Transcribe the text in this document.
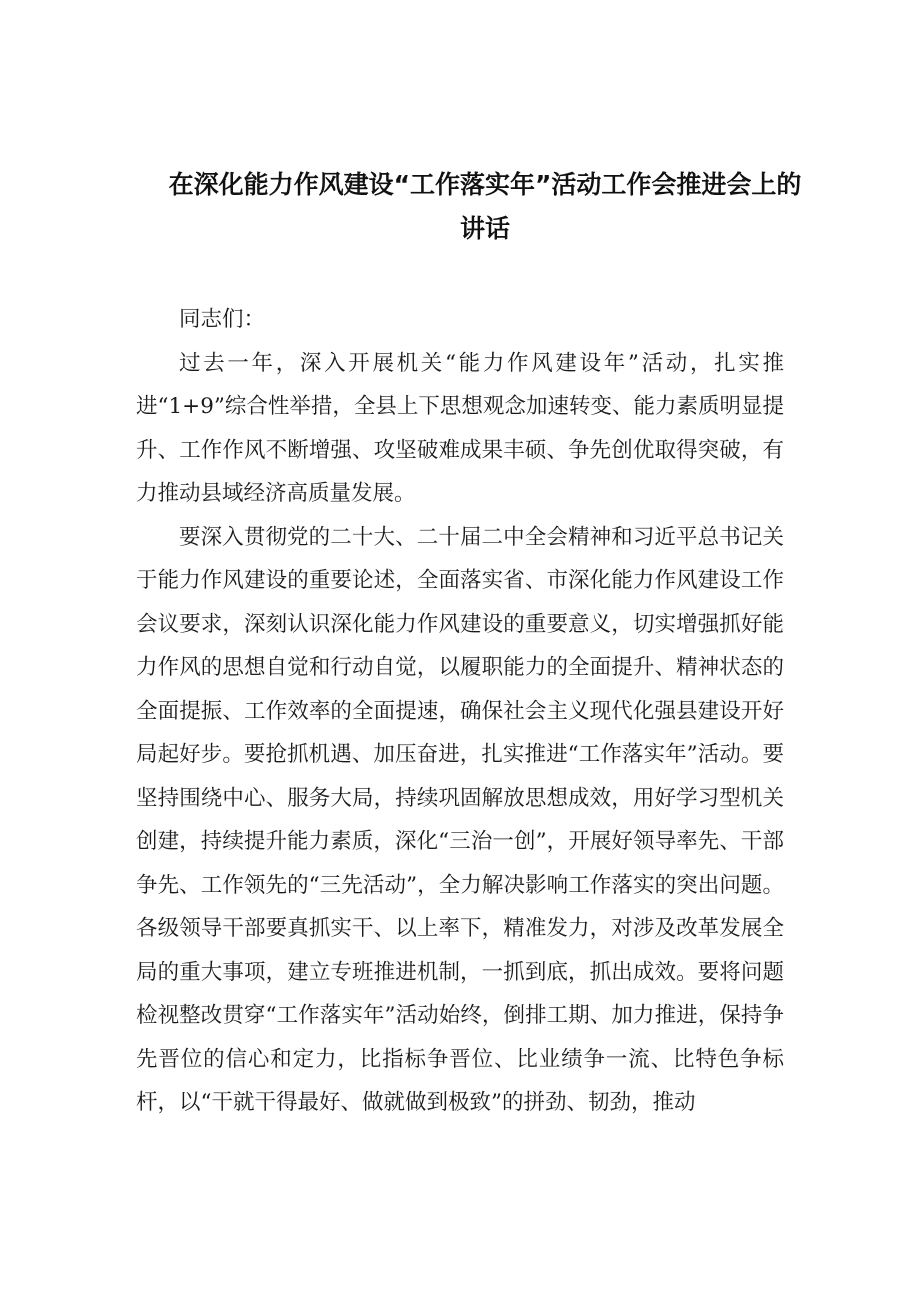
在深化能力作风建设“工作落实年”活动工作会推进会上的
讲话

同志们：

过去一年，深入开展机关“能力作风建设年”活动，扎实推进“1+9”综合性举措，全县上下思想观念加速转变、能力素质明显提升、工作作风不断增强、攻坚破难成果丰硕、争先创优取得突破，有力推动县域经济高质量发展。

要深入贯彻党的二十大、二十届二中全会精神和习近平总书记关于能力作风建设的重要论述，全面落实省、市深化能力作风建设工作会议要求，深刻认识深化能力作风建设的重要意义，切实增强抓好能力作风的思想自觉和行动自觉，以履职能力的全面提升、精神状态的全面提振、工作效率的全面提速，确保社会主义现代化强县建设开好局起好步。要抢抓机遇、加压奋进，扎实推进“工作落实年”活动。要坚持围绕中心、服务大局，持续巩固解放思想成效，用好学习型机关创建，持续提升能力素质，深化“三治一创”，开展好领导率先、干部争先、工作领先的“三先活动”，全力解决影响工作落实的突出问题。各级领导干部要真抓实干、以上率下，精准发力，对涉及改革发展全局的重大事项，建立专班推进机制，一抓到底，抓出成效。要将问题检视整改贯穿“工作落实年”活动始终，倒排工期、加力推进，保持争先晋位的信心和定力，比指标争晋位、比业绩争一流、比特色争标杆，以“干就干得最好、做就做到极致”的拼劲、韧劲，推动
